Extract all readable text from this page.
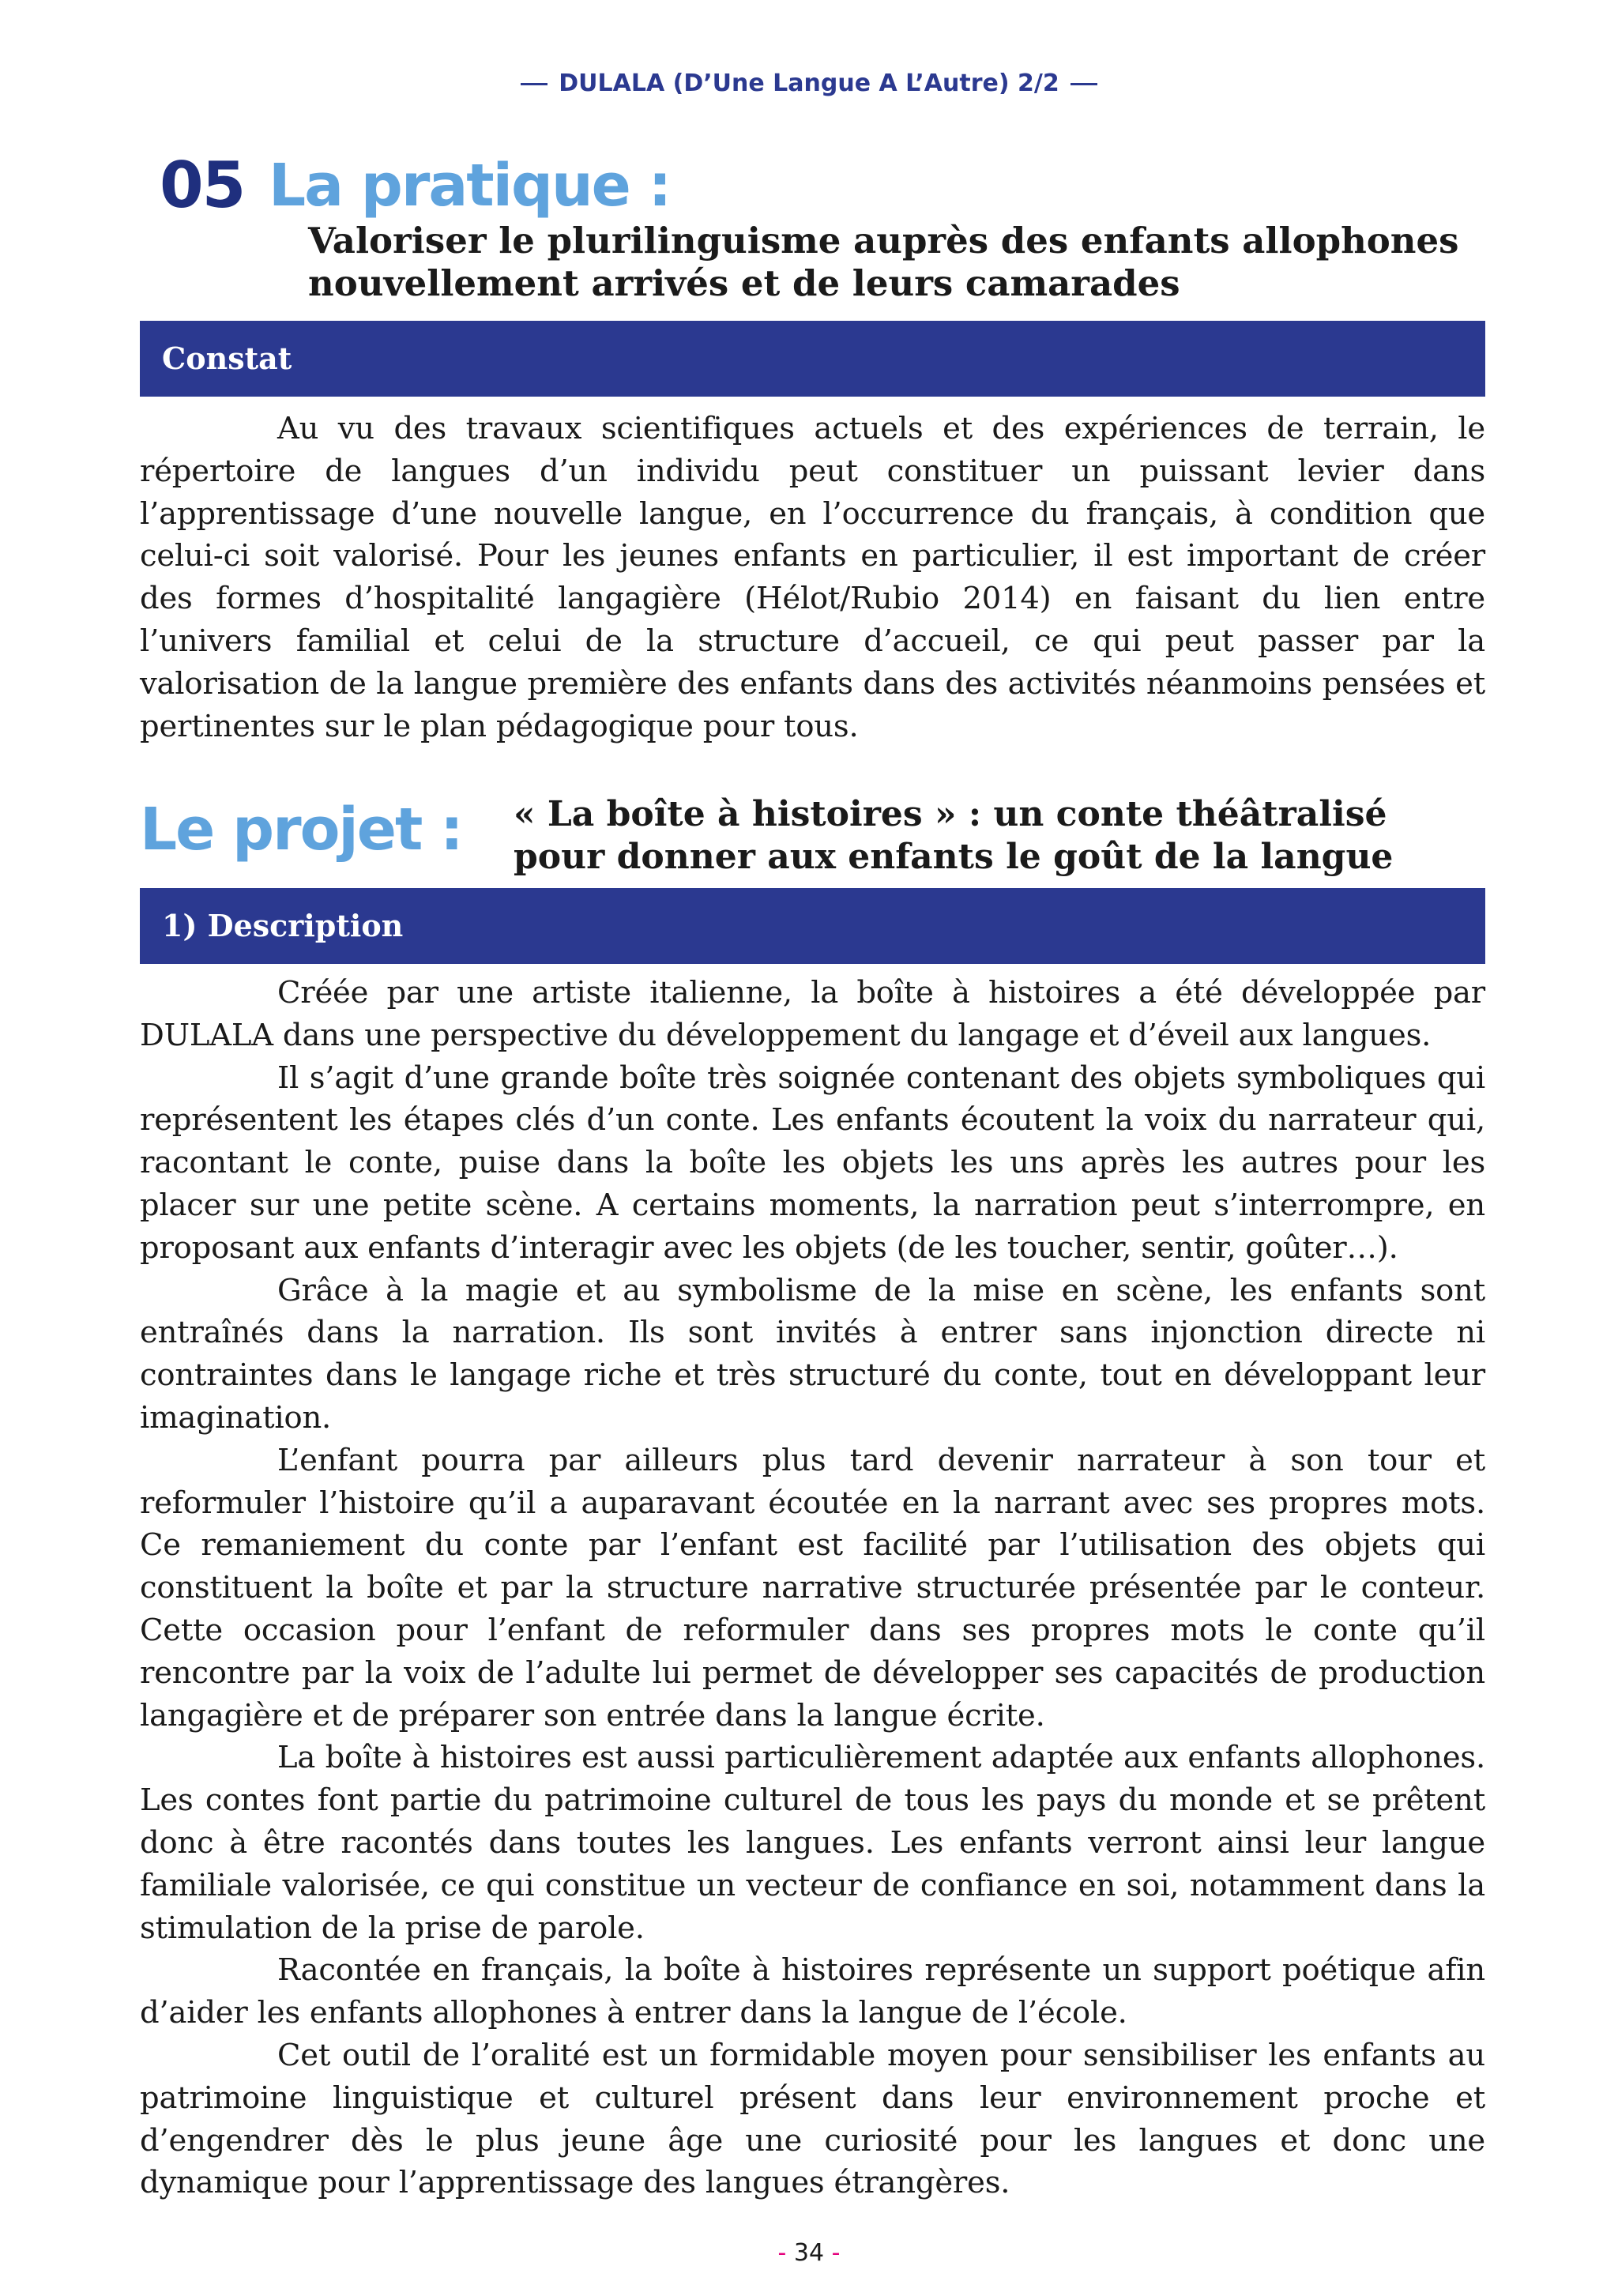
DULALA (D’Une Langue A L’Autre) 2/2
05 La pratique :
Valoriser le plurilinguisme auprès des enfants allophones
nouvellement arrivés et de leurs camarades
Constat

Au vu des travaux scientifiques actuels et des expériences de terrain, le répertoire de langues d’un individu peut constituer un puissant levier dans l’apprentissage d’une nouvelle langue, en l’occurrence du français, à condition que celui-ci soit valorisé. Pour les jeunes enfants en particulier, il est important de créer des formes d’hospitalité langagière (Hélot/Rubio 2014) en faisant du lien entre l’univers familial et celui de la structure d’accueil, ce qui peut passer par la valorisation de la langue première des enfants dans des activités néanmoins pensées et pertinentes sur le plan pédagogique pour tous.

Le projet : « La boîte à histoires » : un conte théâtralisé
pour donner aux enfants le goût de la langue
1) Description

Créée par une artiste italienne, la boîte à histoires a été développée par DULALA dans une perspective du développement du langage et d’éveil aux langues.

Il s’agit d’une grande boîte très soignée contenant des objets symboliques qui représentent les étapes clés d’un conte. Les enfants écoutent la voix du narrateur qui, racontant le conte, puise dans la boîte les objets les uns après les autres pour les placer sur une petite scène. A certains moments, la narration peut s’interrompre, en proposant aux enfants d’interagir avec les objets (de les toucher, sentir, goûter…).

Grâce à la magie et au symbolisme de la mise en scène, les enfants sont entraînés dans la narration. Ils sont invités à entrer sans injonction directe ni contraintes dans le langage riche et très structuré du conte, tout en développant leur imagination.

L’enfant pourra par ailleurs plus tard devenir narrateur à son tour et reformuler l’histoire qu’il a auparavant écoutée en la narrant avec ses propres mots. Ce remaniement du conte par l’enfant est facilité par l’utilisation des objets qui constituent la boîte et par la structure narrative structurée présentée par le conteur. Cette occasion pour l’enfant de reformuler dans ses propres mots le conte qu’il rencontre par la voix de l’adulte lui permet de développer ses capacités de production langagière et de préparer son entrée dans la langue écrite.

La boîte à histoires est aussi particulièrement adaptée aux enfants allophones. Les contes font partie du patrimoine culturel de tous les pays du monde et se prêtent donc à être racontés dans toutes les langues. Les enfants verront ainsi leur langue familiale valorisée, ce qui constitue un vecteur de confiance en soi, notamment dans la stimulation de la prise de parole.

Racontée en français, la boîte à histoires représente un support poétique afin d’aider les enfants allophones à entrer dans la langue de l’école.

Cet outil de l’oralité est un formidable moyen pour sensibiliser les enfants au patrimoine linguistique et culturel présent dans leur environnement proche et d’engendrer dès le plus jeune âge une curiosité pour les langues et donc une dynamique pour l’apprentissage des langues étrangères.

- 34 -
